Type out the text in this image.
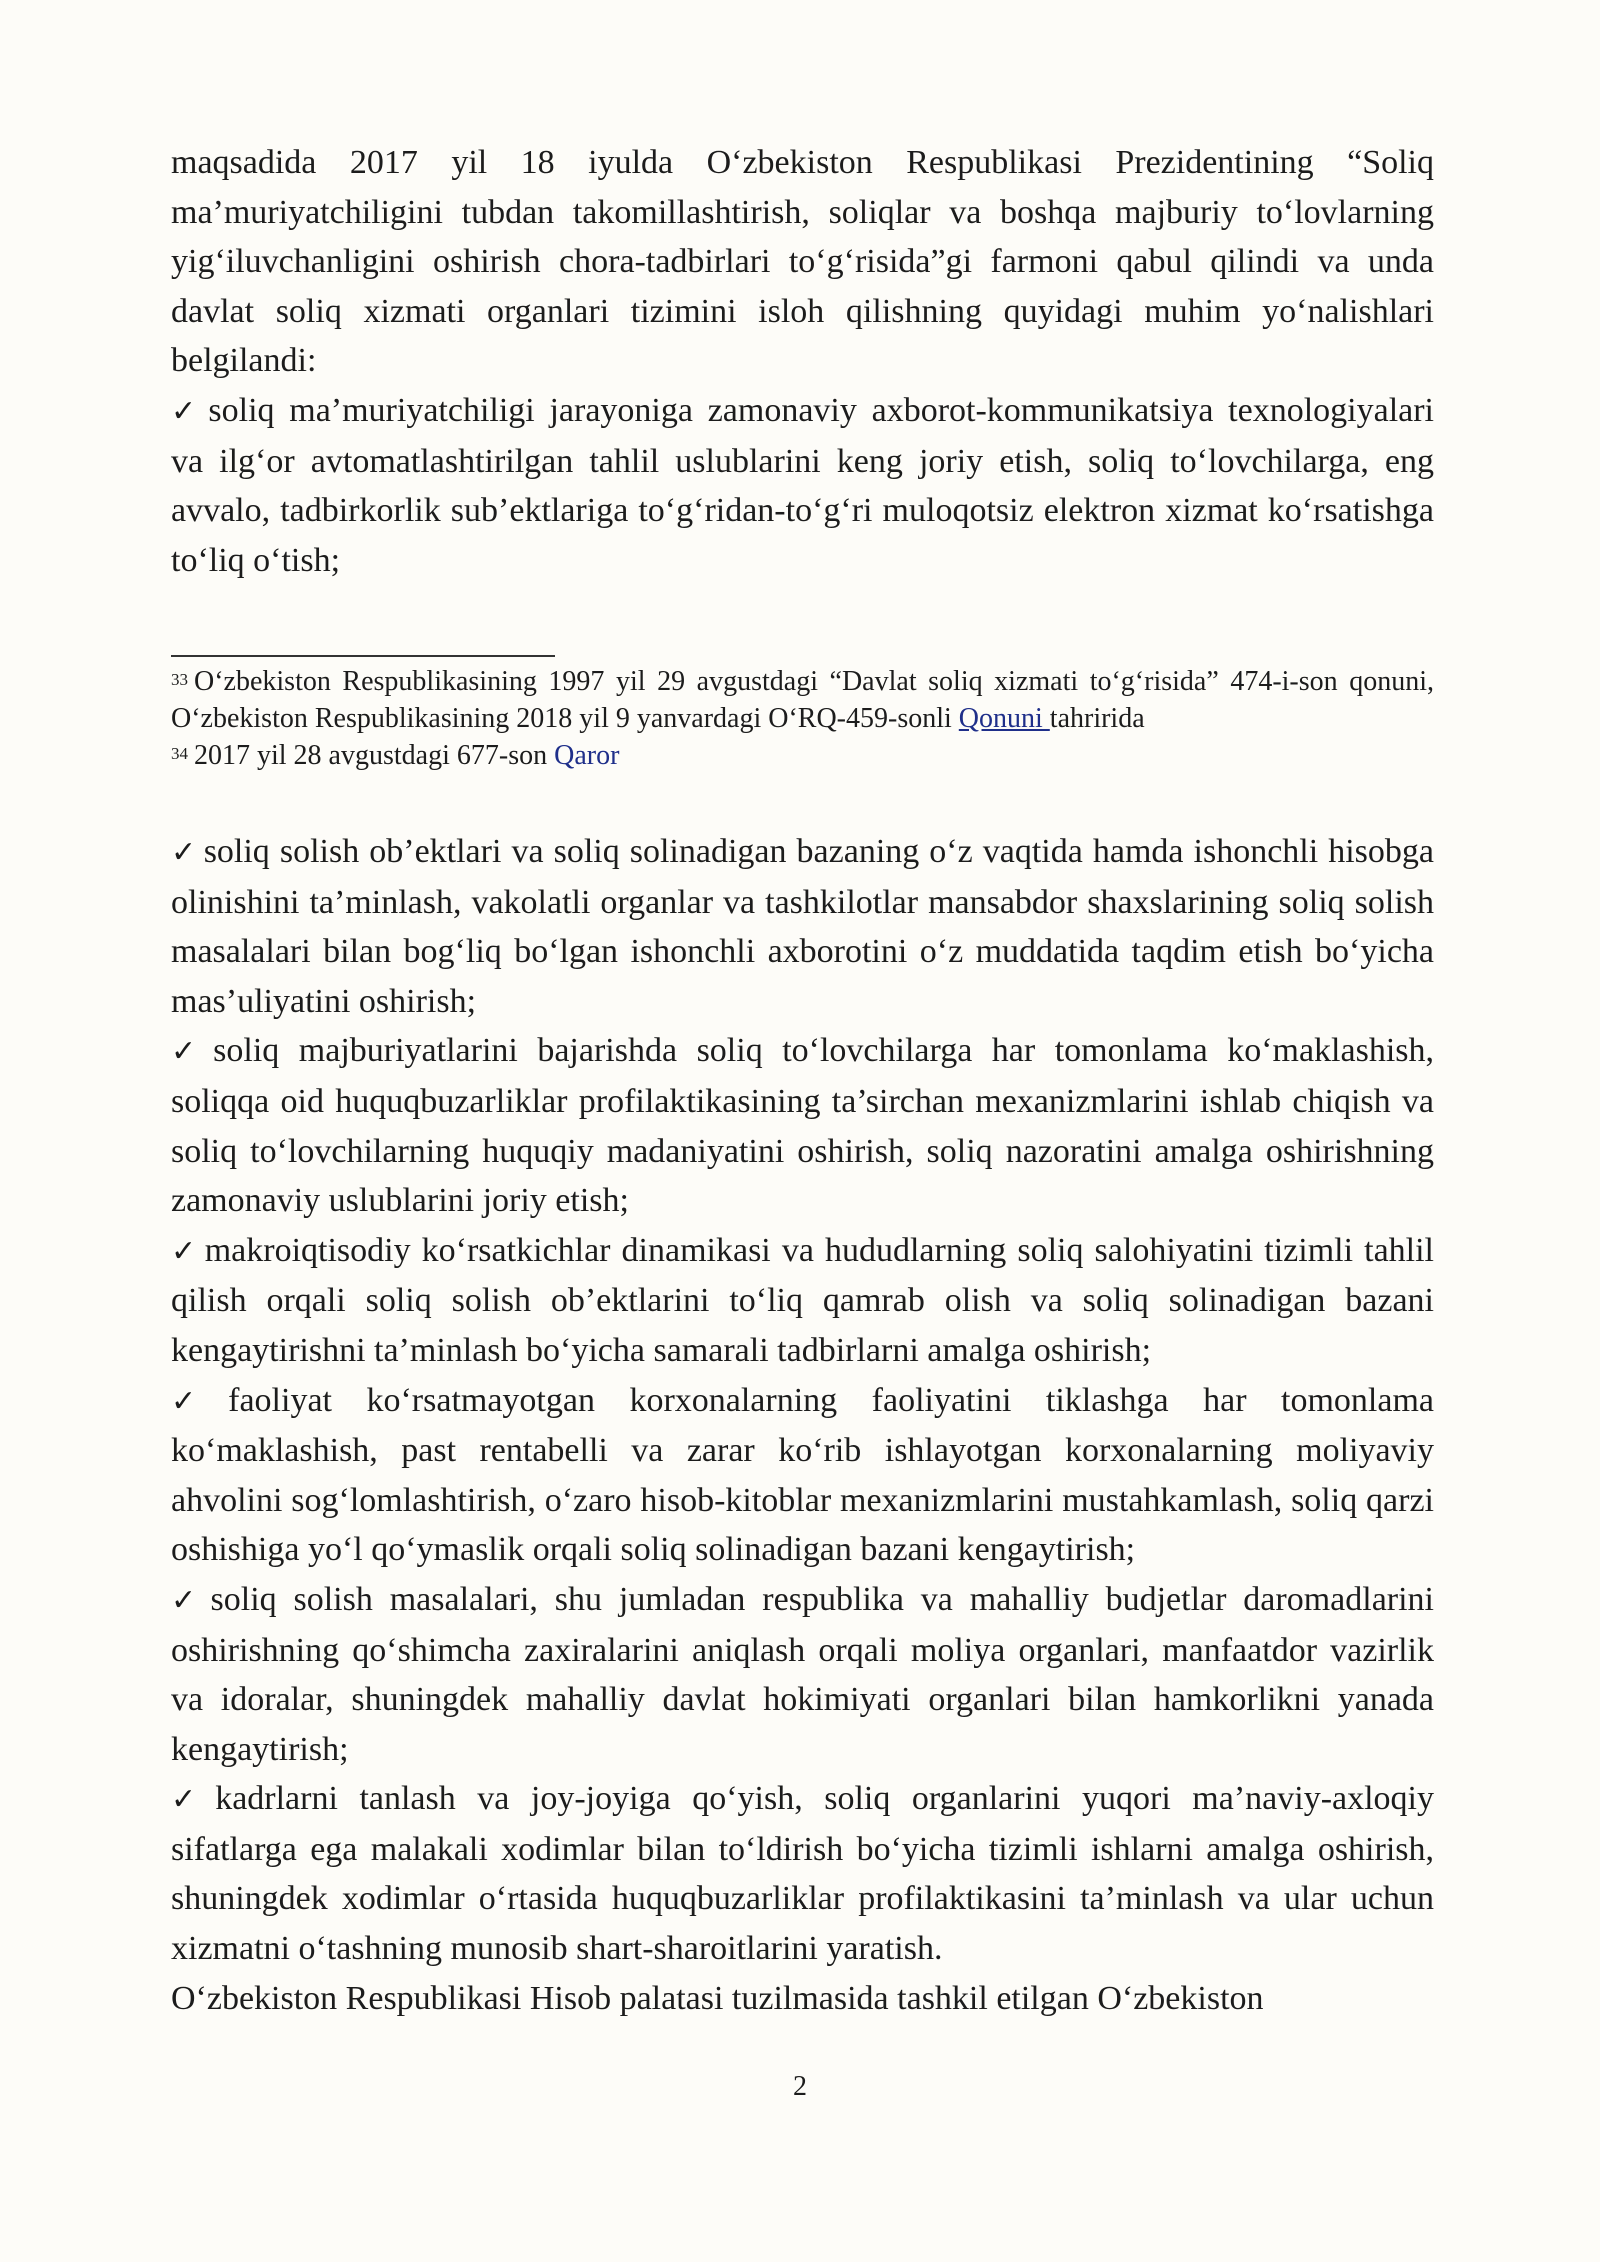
maqsadida 2017 yil 18 iyulda O‘zbekiston Respublikasi Prezidentining “Soliq ma’muriyatchiligini tubdan takomillashtirish, soliqlar va boshqa majburiy to‘lovlarning yig‘iluvchanligini oshirish chora-tadbirlari to‘g‘risida”gi farmoni qabul qilindi va unda davlat soliq xizmati organlari tizimini isloh qilishning quyidagi muhim yo‘nalishlari belgilandi:

✓ soliq ma’muriyatchiligi jarayoniga zamonaviy axborot-kommunikatsiya texnologiyalari va ilg‘or avtomatlashtirilgan tahlil uslublarini keng joriy etish, soliq to‘lovchilarga, eng avvalo, tadbirkorlik sub’ektlariga to‘g‘ridan-to‘g‘ri muloqotsiz elektron xizmat ko‘rsatishga to‘liq o‘tish;

$^{33}$ O‘zbekiston Respublikasining 1997 yil 29 avgustdagi “Davlat soliq xizmati to‘g‘risida” 474-i-son qonuni, O‘zbekiston Respublikasining 2018 yil 9 yanvardagi O‘RQ-459-sonli Qonuni tahririda

$^{34}$ 2017 yil 28 avgustdagi 677-son Qaror

✓ soliq solish ob’ektlari va soliq solinadigan bazaning o‘z vaqtida hamda ishonchli hisobga olinishini ta’minlash, vakolatli organlar va tashkilotlar mansabdor shaxslarining soliq solish masalalari bilan bog‘liq bo‘lgan ishonchli axborotini o‘z muddatida taqdim etish bo‘yicha mas’uliyatini oshirish;

✓ soliq majburiyatlarini bajarishda soliq to‘lovchilarga har tomonlama ko‘maklashish, soliqqa oid huquqbuzarliklar profilaktikasining ta’sirchan mexanizmlarini ishlab chiqish va soliq to‘lovchilarning huquqiy madaniyatini oshirish, soliq nazoratini amalga oshirishning zamonaviy uslublarini joriy etish;

✓ makroiqtisodiy ko‘rsatkichlar dinamikasi va hududlarning soliq salohiyatini tizimli tahlil qilish orqali soliq solish ob’ektlarini to‘liq qamrab olish va soliq solinadigan bazani kengaytirishni ta’minlash bo‘yicha samarali tadbirlarni amalga oshirish;

✓ faoliyat ko‘rsatmayotgan korxonalarning faoliyatini tiklashga har tomonlama ko‘maklashish, past rentabelli va zarar ko‘rib ishlayotgan korxonalarning moliyaviy ahvolini sog‘lomlashtirish, o‘zaro hisob-kitoblar mexanizmlarini mustahkamlash, soliq qarzi oshishiga yo‘l qo‘ymaslik orqali soliq solinadigan bazani kengaytirish;

✓ soliq solish masalalari, shu jumladan respublika va mahalliy budjetlar daromadlarini oshirishning qo‘shimcha zaxiralarini aniqlash orqali moliya organlari, manfaatdor vazirlik va idoralar, shuningdek mahalliy davlat hokimiyati organlari bilan hamkorlikni yanada kengaytirish;

✓ kadrlarni tanlash va joy-joyiga qo‘yish, soliq organlarini yuqori ma’naviy-axloqiy sifatlarga ega malakali xodimlar bilan to‘ldirish bo‘yicha tizimli ishlarni amalga oshirish, shuningdek xodimlar o‘rtasida huquqbuzarliklar profilaktikasini ta’minlash va ular uchun xizmatni o‘tashning munosib shart-sharoitlarini yaratish.

O‘zbekiston Respublikasi Hisob palatasi tuzilmasida tashkil etilgan O‘zbekiston

2
